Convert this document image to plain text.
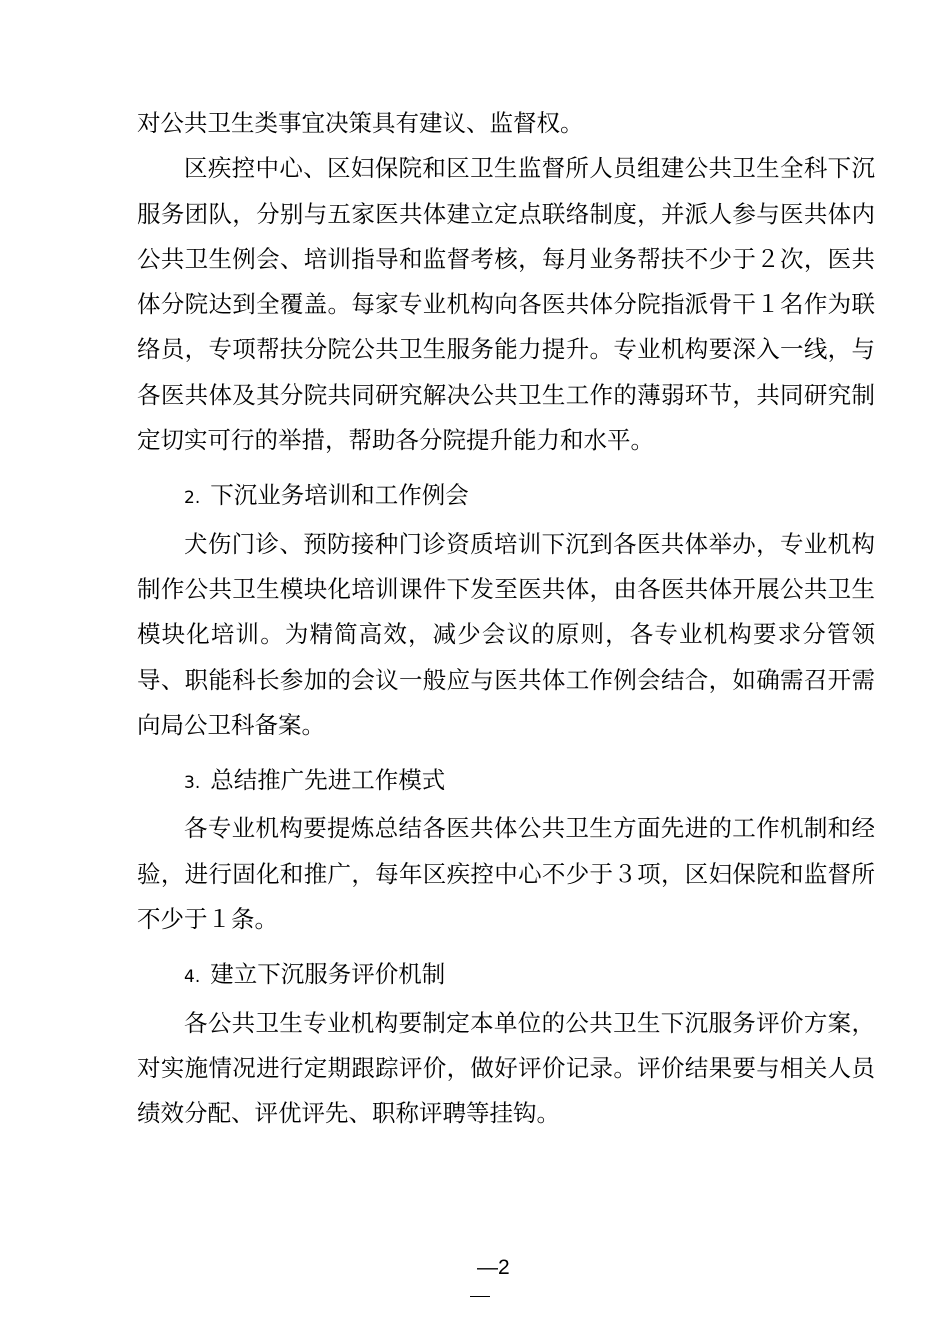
对公共卫生类事宜决策具有建议、监督权。

区疾控中心、区妇保院和区卫生监督所人员组建公共卫生全科下沉服务团队，分别与五家医共体建立定点联络制度，并派人参与医共体内公共卫生例会、培训指导和监督考核，每月业务帮扶不少于２次，医共体分院达到全覆盖。每家专业机构向各医共体分院指派骨干１名作为联络员，专项帮扶分院公共卫生服务能力提升。专业机构要深入一线，与各医共体及其分院共同研究解决公共卫生工作的薄弱环节，共同研究制定切实可行的举措，帮助各分院提升能力和水平。

2. 下沉业务培训和工作例会

犬伤门诊、预防接种门诊资质培训下沉到各医共体举办，专业机构制作公共卫生模块化培训课件下发至医共体，由各医共体开展公共卫生模块化培训。为精简高效，减少会议的原则，各专业机构要求分管领导、职能科长参加的会议一般应与医共体工作例会结合，如确需召开需向局公卫科备案。

3. 总结推广先进工作模式

各专业机构要提炼总结各医共体公共卫生方面先进的工作机制和经验，进行固化和推广，每年区疾控中心不少于３项，区妇保院和监督所不少于１条。

4. 建立下沉服务评价机制

各公共卫生专业机构要制定本单位的公共卫生下沉服务评价方案，对实施情况进行定期跟踪评价，做好评价记录。评价结果要与相关人员绩效分配、评优评先、职称评聘等挂钩。

—2
